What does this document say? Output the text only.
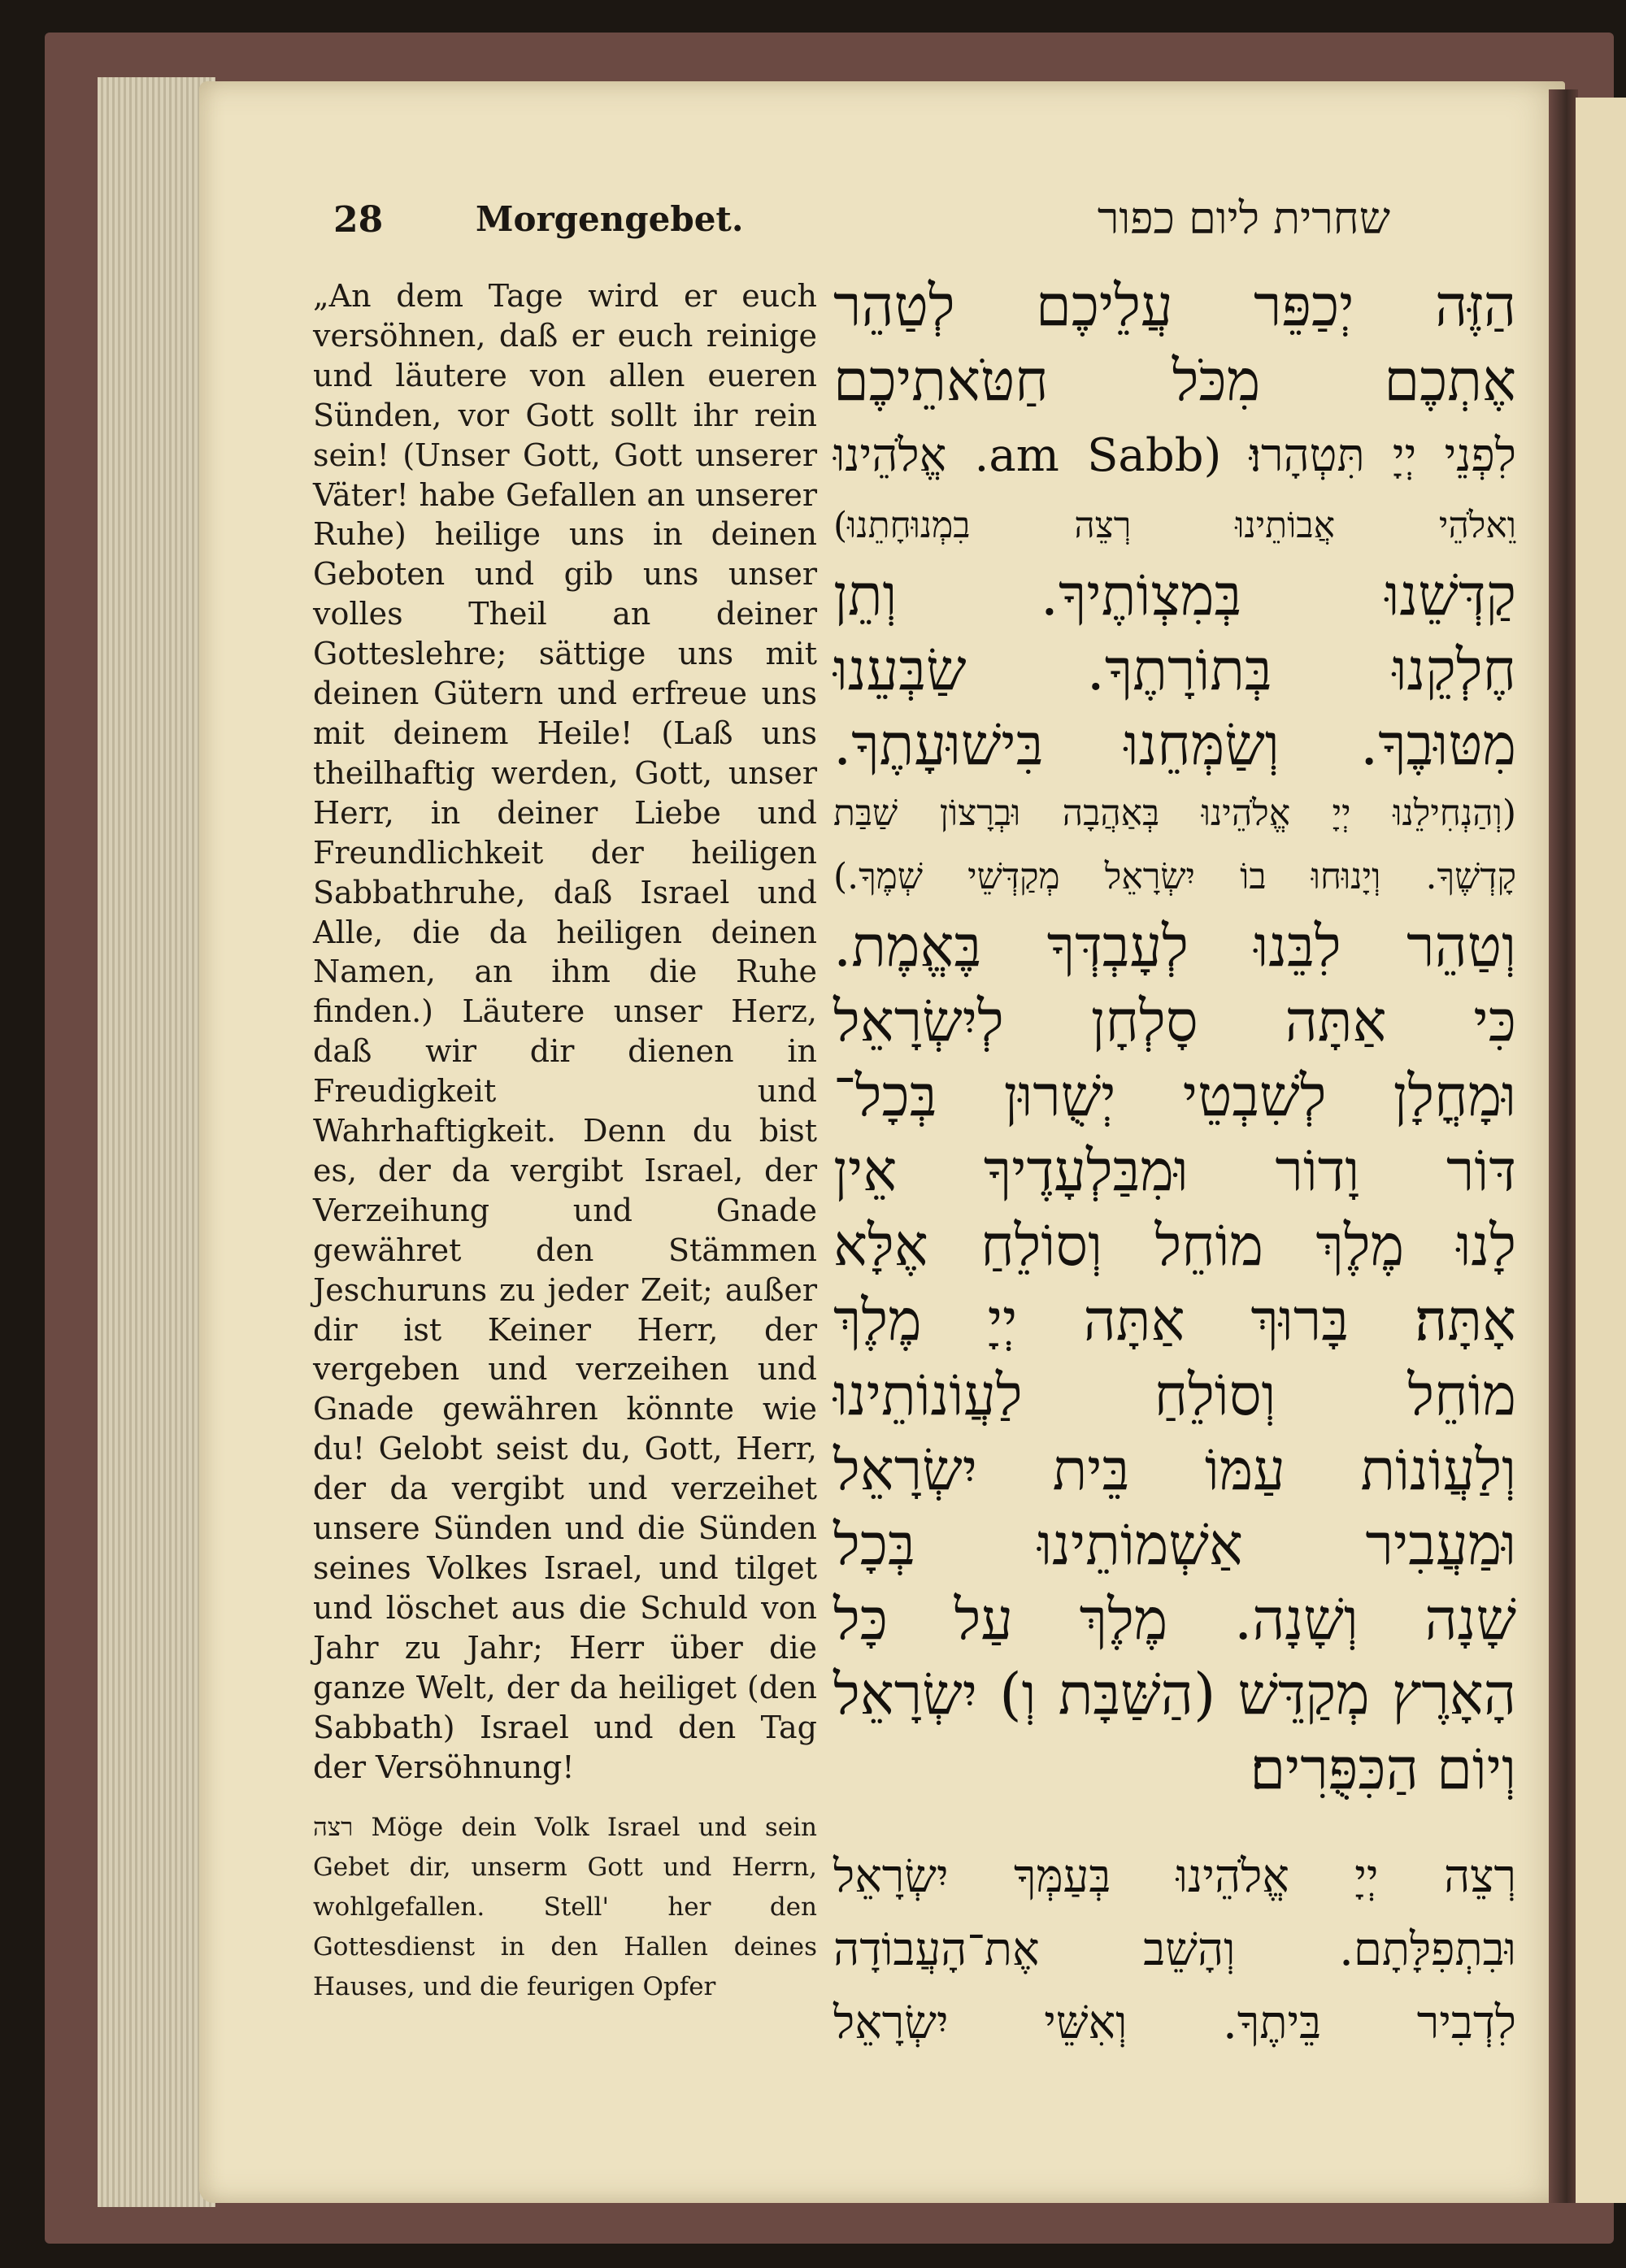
28	Morgengebet.	שחרית ליום כפור

„An dem Tage wird er euch versöhnen, daß er euch reinige und läutere von allen eueren Sünden, vor Gott sollt ihr rein sein! (Unser Gott, Gott unserer Väter! habe Gefallen an unserer Ruhe) heilige uns in deinen Geboten und gib uns unser volles Theil an deiner Gotteslehre; sättige uns mit deinen Gütern und erfreue uns mit deinem Heile! (Laß uns theilhaftig werden, Gott, unser Herr, in deiner Liebe und Freundlichkeit der heiligen Sabbathruhe, daß Israel und Alle, die da heiligen deinen Namen, an ihm die Ruhe finden.) Läutere unser Herz, daß wir dir dienen in Freudigkeit und Wahrhaftigkeit. Denn du bist es, der da vergibt Israel, der Verzeihung und Gnade gewähret den Stämmen Jeschuruns zu jeder Zeit; außer dir ist Keiner Herr, der vergeben und verzeihen und Gnade gewähren könnte wie du! Gelobt seist du, Gott, Herr, der da vergibt und verzeihet unsere Sünden und die Sünden seines Volkes Israel, und tilget und löschet aus die Schuld von Jahr zu Jahr; Herr über die ganze Welt, der da heiliget (den Sabbath) Israel und den Tag der Versöhnung!

רצה Möge dein Volk Israel und sein Gebet dir, unserm Gott und Herrn, wohlgefallen. Stell' her den Gottesdienst in den Hallen deines Hauses, und die feurigen Opfer

הַזֶּה יְכַפֵּר עֲלֵיכֶם לְטַהֵר
אֶתְכֶם מִכֹּל חַטֹּאתֵיכֶם
לִפְנֵי יְיָ תִּטְהָרוּ׃ (am Sabb. אֱלֹהֵינוּ
וֵאלֹהֵי אֲבוֹתֵינוּ רְצֵה בִמְנוּחָתֵנוּ)
קַדְּשֵׁנוּ בְּמִצְוֹתֶיךָ. וְתֵן
חֶלְקֵנוּ בְּתוֹרָתֶךָ. שַׂבְּעֵנוּ
מִטּוּבֶךָ. וְשַׂמְּחֵנוּ בִּישׁוּעָתֶךָ.
(וְהַנְחִילֵנוּ יְיָ אֱלֹהֵינוּ בְּאַהֲבָה וּבְרָצוֹן שַׁבַּת
קָדְשֶׁךָ. וְיָנוּחוּ בוֹ יִשְׂרָאֵל מְקַדְּשֵׁי שְׁמֶךָ.)
וְטַהֵר לִבֵּנוּ לְעָבְדְּךָ בֶּאֱמֶת.
כִּי אַתָּה סָלְחָן לְיִשְׂרָאֵל
וּמָחֳלָן לְשִׁבְטֵי יְשֻׁרוּן בְּכָל־
דּוֹר וָדוֹר וּמִבַּלְעָדֶיךָ אֵין
לָנוּ מֶלֶךְ מוֹחֵל וְסוֹלֵחַ אֶלָּא
אָתָּה׃ בָּרוּךְ אַתָּה יְיָ מֶלֶךְ
מוֹחֵל וְסוֹלֵחַ לַעֲוֹנוֹתֵינוּ
וְלַעֲוֹנוֹת עַמּוֹ בֵּית יִשְׂרָאֵל
וּמַעֲבִיר אַשְׁמוֹתֵינוּ בְּכָל
שָׁנָה וְשָׁנָה. מֶלֶךְ עַל כָּל
הָאָרֶץ מְקַדֵּשׁ (הַשַּׁבָּת וְ) יִשְׂרָאֵל
וְיוֹם הַכִּפֻּרִים׃
רְצֵה יְיָ אֱלֹהֵינוּ בְּעַמְּךָ יִשְׂרָאֵל
וּבִתְפִלָּתָם. וְהָשֵׁב אֶת־הָעֲבוֹדָה
לִדְבִיר בֵּיתֶךָ. וְאִשֵּׁי יִשְׂרָאֵל
